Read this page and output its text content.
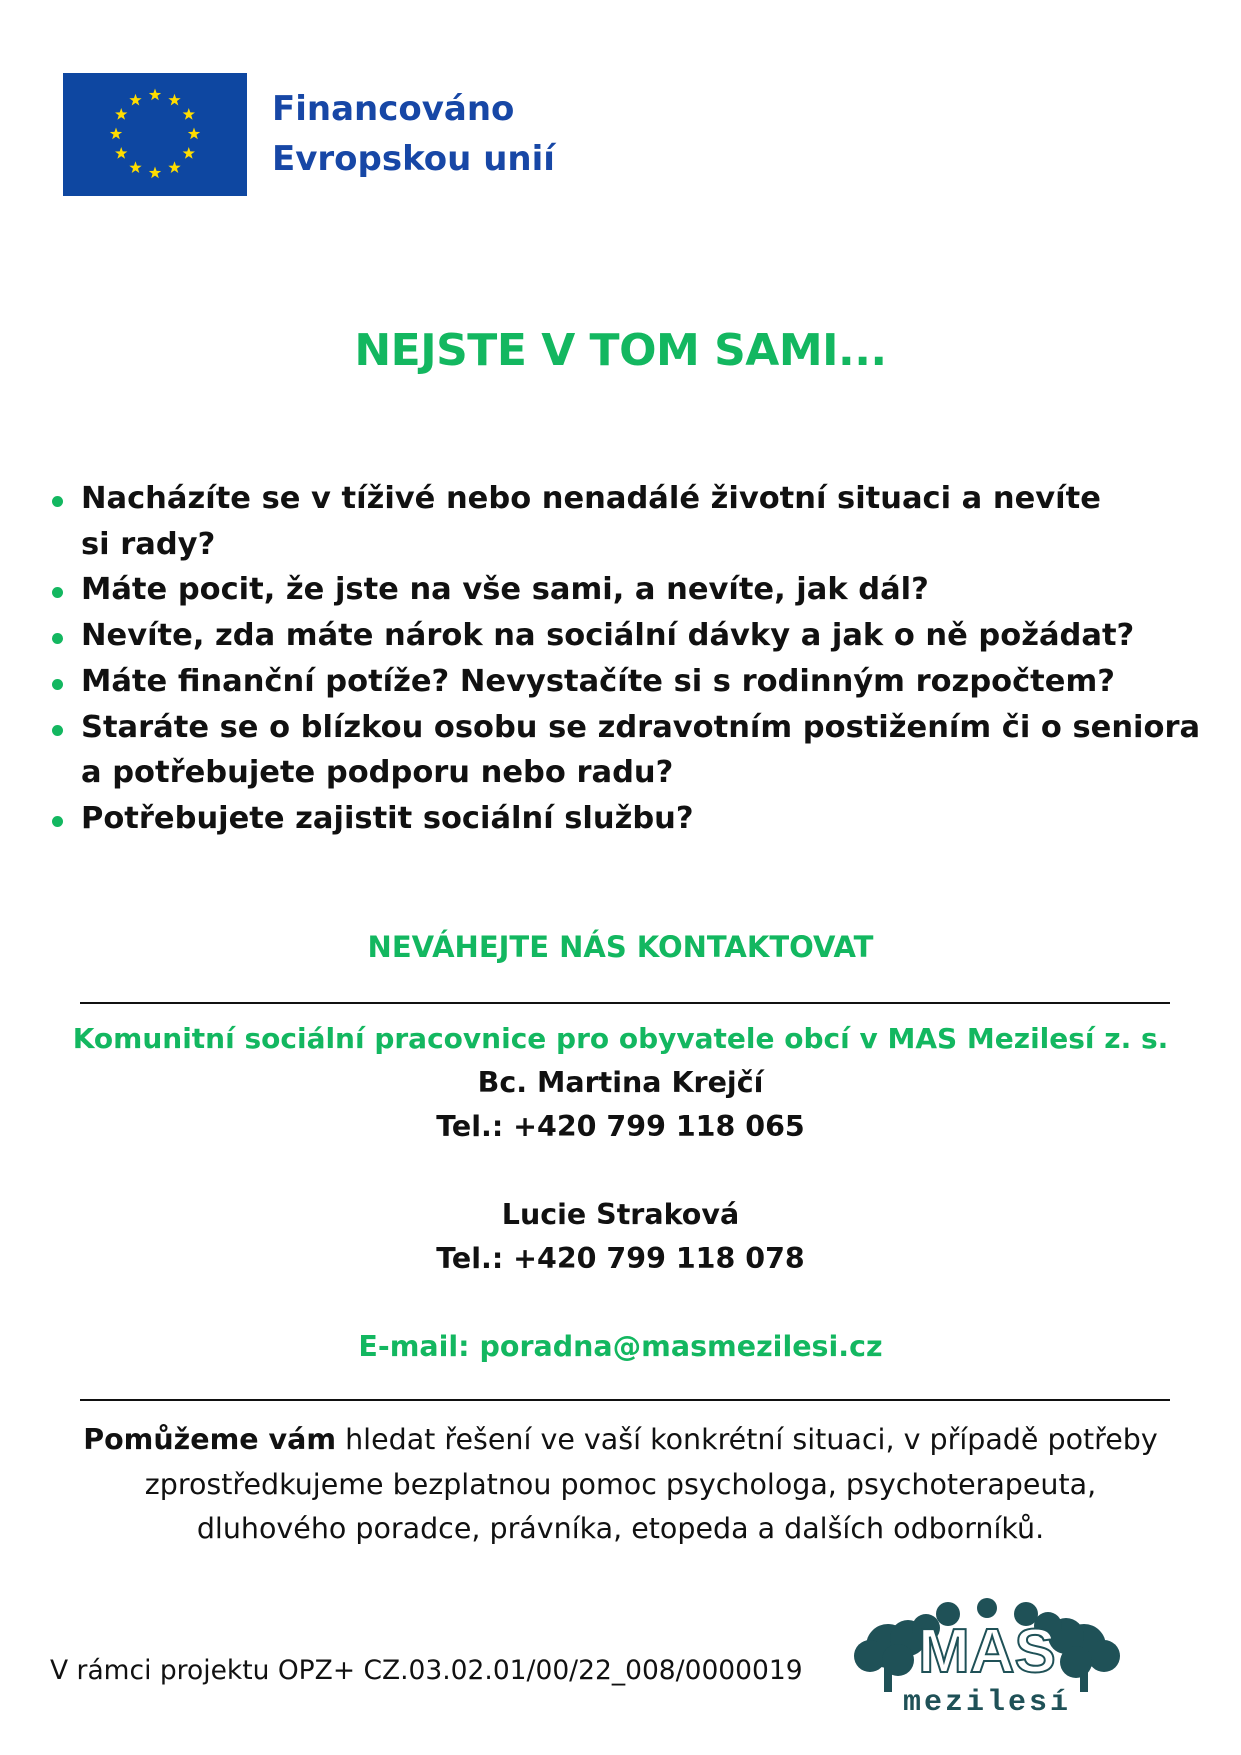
Financováno
Evropskou unií
NEJSTE V TOM SAMI...
Nacházíte se v tíživé nebo nenadálé životní situaci a nevíte
si rady?
Máte pocit, že jste na vše sami, a nevíte, jak dál?
Nevíte, zda máte nárok na sociální dávky a jak o ně požádat?
Máte finanční potíže? Nevystačíte si s rodinným rozpočtem?
Staráte se o blízkou osobu se zdravotním postižením či o seniora
a potřebujete podporu nebo radu?
Potřebujete zajistit sociální službu?
NEVÁHEJTE NÁS KONTAKTOVAT
Komunitní sociální pracovnice pro obyvatele obcí v MAS Mezilesí z. s.
Bc. Martina Krejčí
Tel.: +420 799 118 065
Lucie Straková
Tel.: +420 799 118 078
E-mail: poradna@masmezilesi.cz
Pomůžeme vám hledat řešení ve vaší konkrétní situaci, v případě potřeby
zprostředkujeme bezplatnou pomoc psychologa, psychoterapeuta,
dluhového poradce, právníka, etopeda a dalších odborníků.
V rámci projektu OPZ+ CZ.03.02.01/00/22_008/0000019 MAS
mezilesí
